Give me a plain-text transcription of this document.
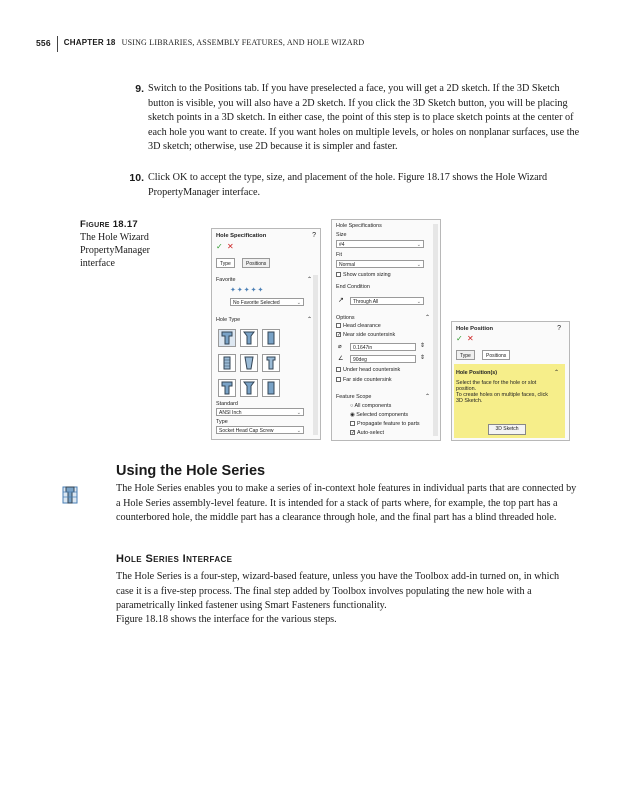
556 CHAPTER 18 USING LIBRARIES, ASSEMBLY FEATURES, AND HOLE WIZARD
9. Switch to the Positions tab. If you have preselected a face, you will get a 2D sketch. If the 3D Sketch button is visible, you will also have a 2D sketch. If you click the 3D Sketch button, you will be placing sketch points in a 3D sketch. In either case, the point of this step is to place sketch points at the center of each hole you want to create. If you want holes on multiple levels, or holes on nonplanar surfaces, use the 3D sketch; otherwise, use 2D because it is simpler and faster.
10. Click OK to accept the type, size, and placement of the hole. Figure 18.17 shows the Hole Wizard PropertyManager interface.
Figure 18.17
The Hole Wizard PropertyManager interface
Hole Specification	?
✓ ✕
Type	Positions
Favorite	⌃
✦✦✦✦✦
No Favorite Selected	⌄
Hole Type	⌃
Standard
ANSI Inch	⌄
Type
Socket Head Cap Screw	⌄
Hole Specifications
Size
#4	⌄
Fit
Normal	⌄
Show custom sizing
End Condition
↗	Through All	⌄
Options	⌃
Head clearance
✓ Near side countersink
⌀	0.1647in	⇕
∠	90deg	⇕
Under head countersink
Far side countersink
Feature Scope	⌃
○ All components
◉ Selected components
Propagate feature to parts
✓ Auto-select
Hole Position	?
✓ ✕
Type	Positions
Hole Position(s)	⌃
Select the face for the hole or slot position.
To create holes on multiple faces, click 3D Sketch.
3D Sketch
Using the Hole Series
The Hole Series enables you to make a series of in-context hole features in individual parts that are connected by a Hole Series assembly-level feature. It is intended for a stack of parts where, for example, the top part has a counterbored hole, the middle part has a clearance through hole, and the final part has a blind threaded hole.
Hole Series Interface
The Hole Series is a four-step, wizard-based feature, unless you have the Toolbox add-in turned on, in which case it is a five-step process. The final step added by Toolbox involves populating the new hole with a parametrically linked fastener using Smart Fasteners functionality.
Figure 18.18 shows the interface for the various steps.
